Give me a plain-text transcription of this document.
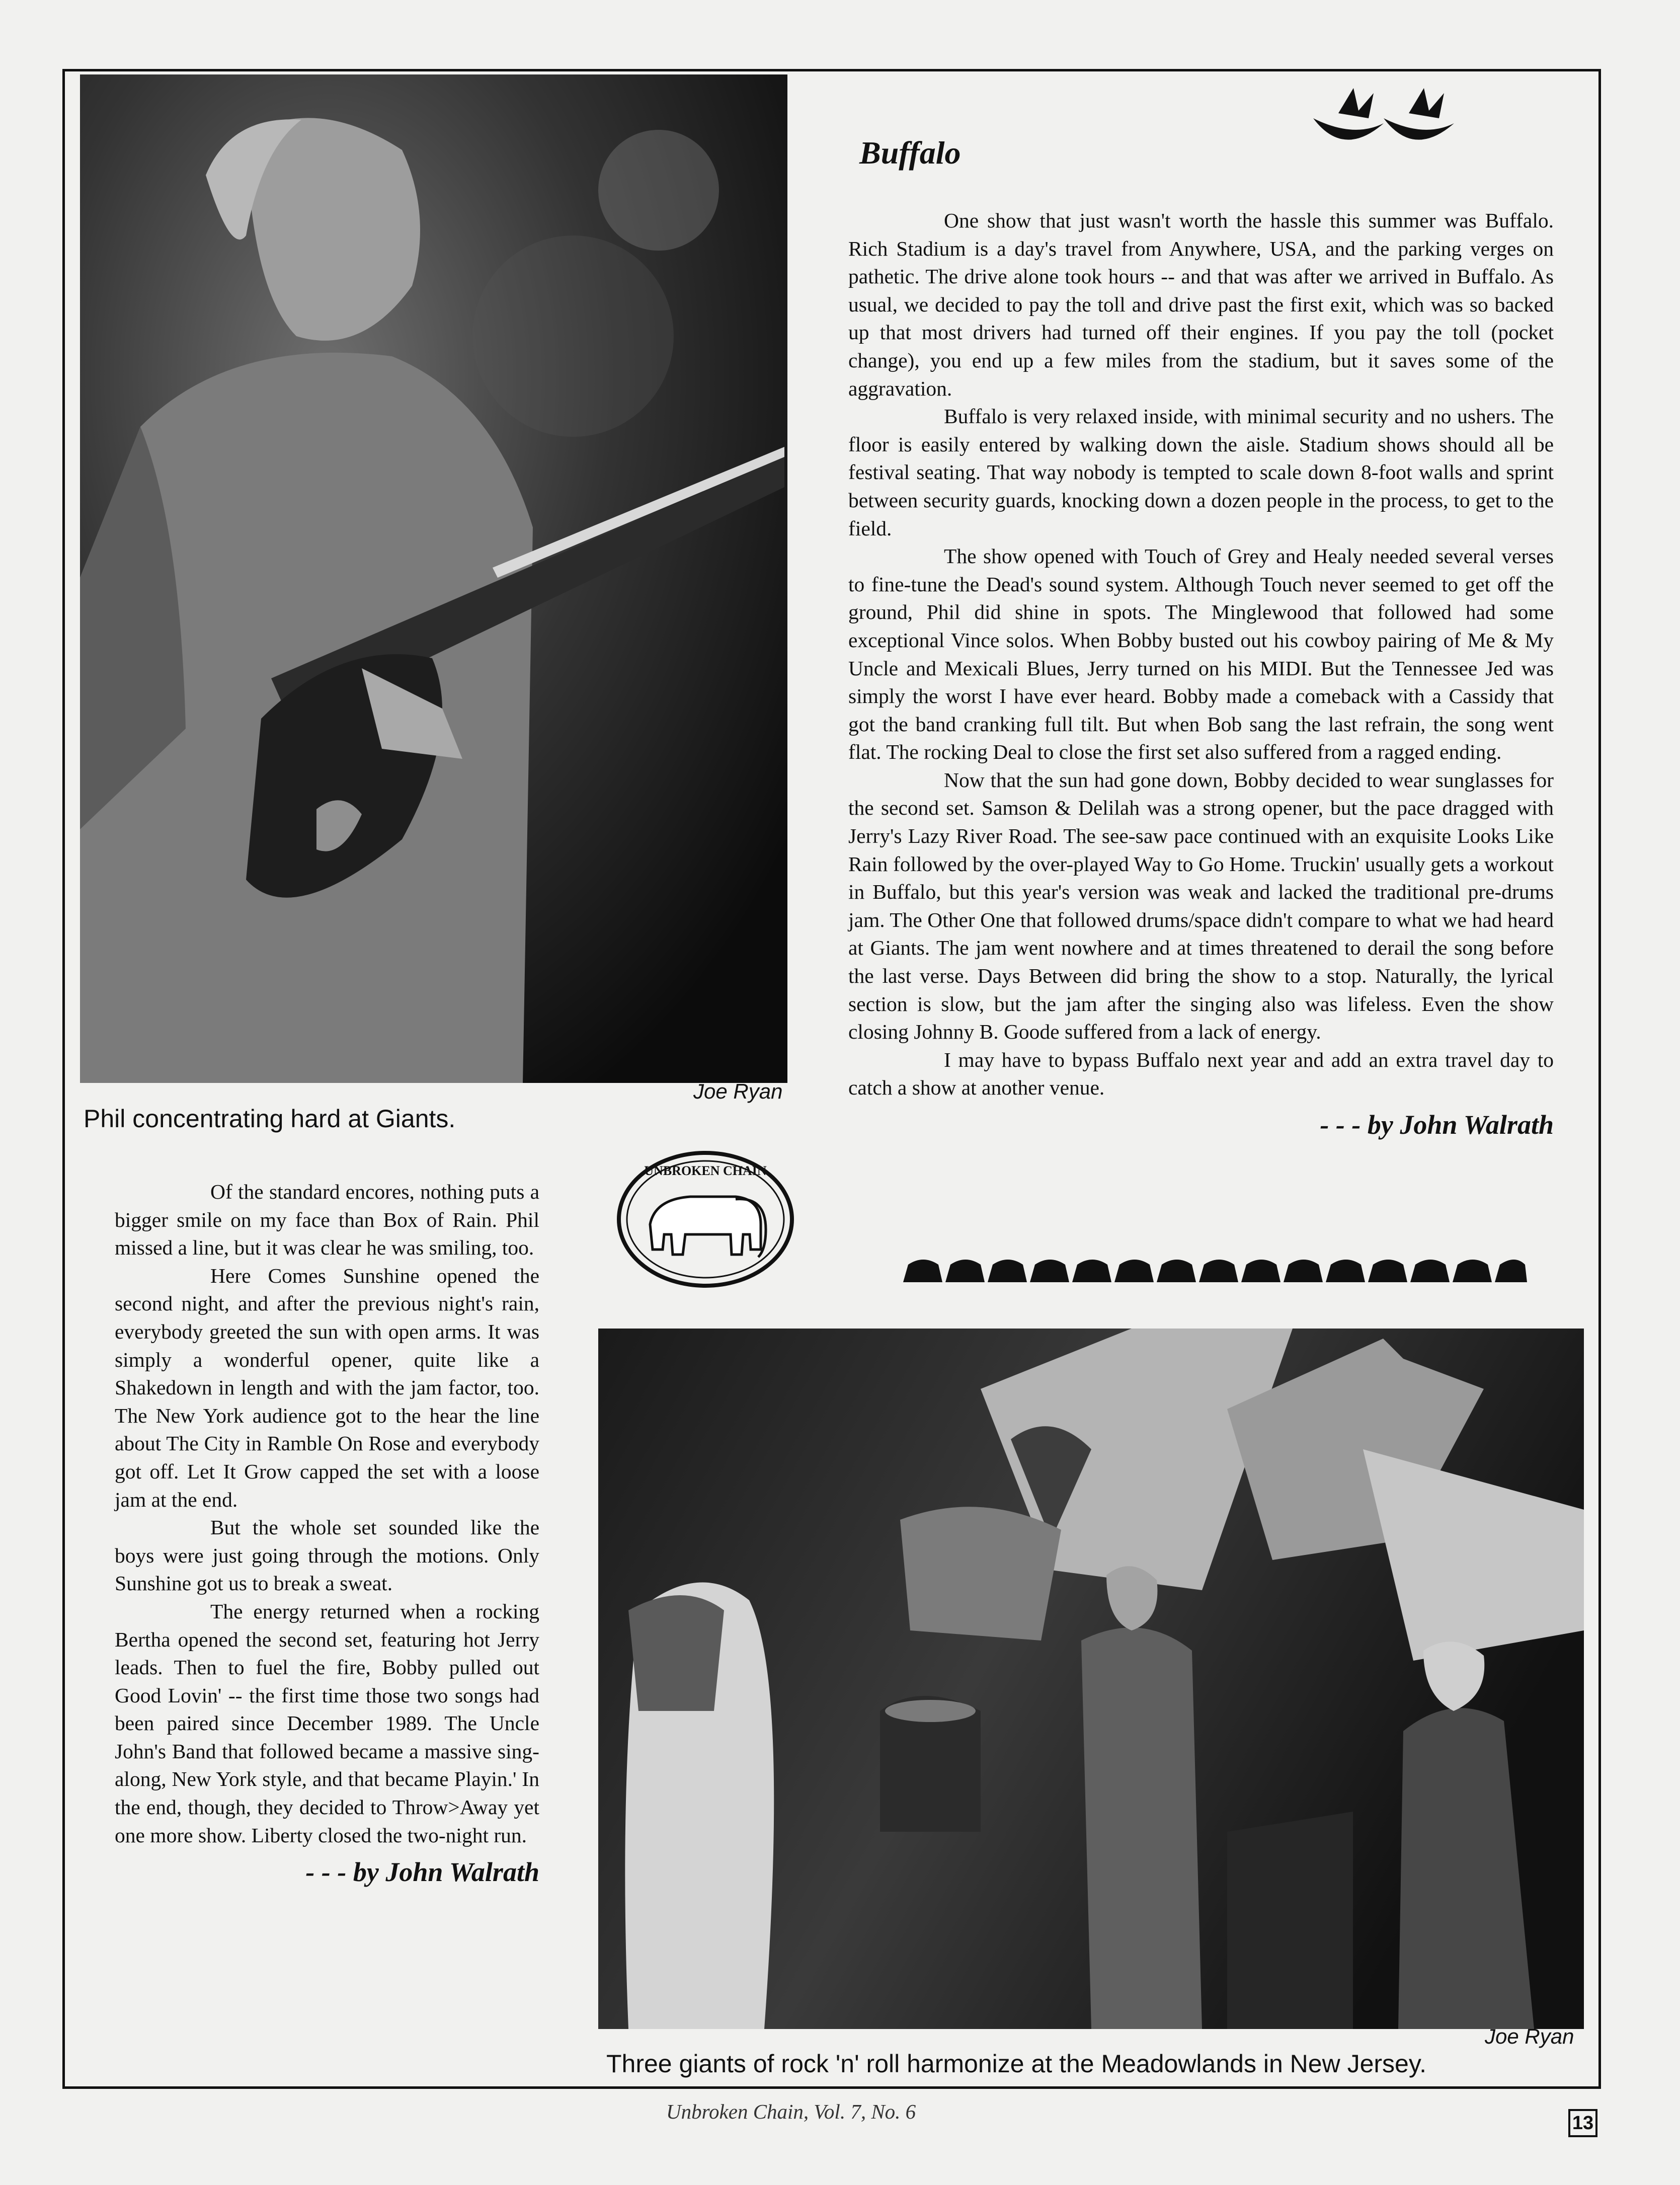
Joe Ryan
Phil concentrating hard at Giants.
Buffalo

One show that just wasn't worth the hassle this summer was Buffalo. Rich Stadium is a day's travel from Anywhere, USA, and the parking verges on pathetic. The drive alone took hours -- and that was after we arrived in Buffalo. As usual, we decided to pay the toll and drive past the first exit, which was so backed up that most drivers had turned off their engines. If you pay the toll (pocket change), you end up a few miles from the stadium, but it saves some of the aggravation.

Buffalo is very relaxed inside, with minimal security and no ushers. The floor is easily entered by walking down the aisle. Stadium shows should all be festival seating. That way nobody is tempted to scale down 8-foot walls and sprint between security guards, knocking down a dozen people in the process, to get to the field.

The show opened with Touch of Grey and Healy needed several verses to fine-tune the Dead's sound system. Although Touch never seemed to get off the ground, Phil did shine in spots. The Minglewood that followed had some exceptional Vince solos. When Bobby busted out his cowboy pairing of Me & My Uncle and Mexicali Blues, Jerry turned on his MIDI. But the Tennessee Jed was simply the worst I have ever heard. Bobby made a comeback with a Cassidy that got the band cranking full tilt. But when Bob sang the last refrain, the song went flat. The rocking Deal to close the first set also suffered from a ragged ending.

Now that the sun had gone down, Bobby decided to wear sunglasses for the second set. Samson & Delilah was a strong opener, but the pace dragged with Jerry's Lazy River Road. The see-saw pace continued with an exquisite Looks Like Rain followed by the over-played Way to Go Home. Truckin' usually gets a workout in Buffalo, but this year's version was weak and lacked the traditional pre-drums jam. The Other One that followed drums/space didn't compare to what we had heard at Giants. The jam went nowhere and at times threatened to derail the song before the last verse. Days Between did bring the show to a stop. Naturally, the lyrical section is slow, but the jam after the singing also was lifeless. Even the show closing Johnny B. Goode suffered from a lack of energy.

I may have to bypass Buffalo next year and add an extra travel day to catch a show at another venue.

- - - by John Walrath

UNBROKEN CHAIN

Of the standard encores, nothing puts a bigger smile on my face than Box of Rain. Phil missed a line, but it was clear he was smiling, too.

Here Comes Sunshine opened the second night, and after the previous night's rain, everybody greeted the sun with open arms. It was simply a wonderful opener, quite like a Shakedown in length and with the jam factor, too. The New York audience got to the hear the line about The City in Ramble On Rose and everybody got off. Let It Grow capped the set with a loose jam at the end.

But the whole set sounded like the boys were just going through the motions. Only Sunshine got us to break a sweat.

The energy returned when a rocking Bertha opened the second set, featuring hot Jerry leads. Then to fuel the fire, Bobby pulled out Good Lovin' -- the first time those two songs had been paired since December 1989. The Uncle John's Band that followed became a massive sing-along, New York style, and that became Playin.' In the end, though, they decided to Throw>Away yet one more show. Liberty closed the two-night run.

- - - by John Walrath

Joe Ryan
Three giants of rock 'n' roll harmonize at the Meadowlands in New Jersey.
Unbroken Chain, Vol. 7, No. 6	13
